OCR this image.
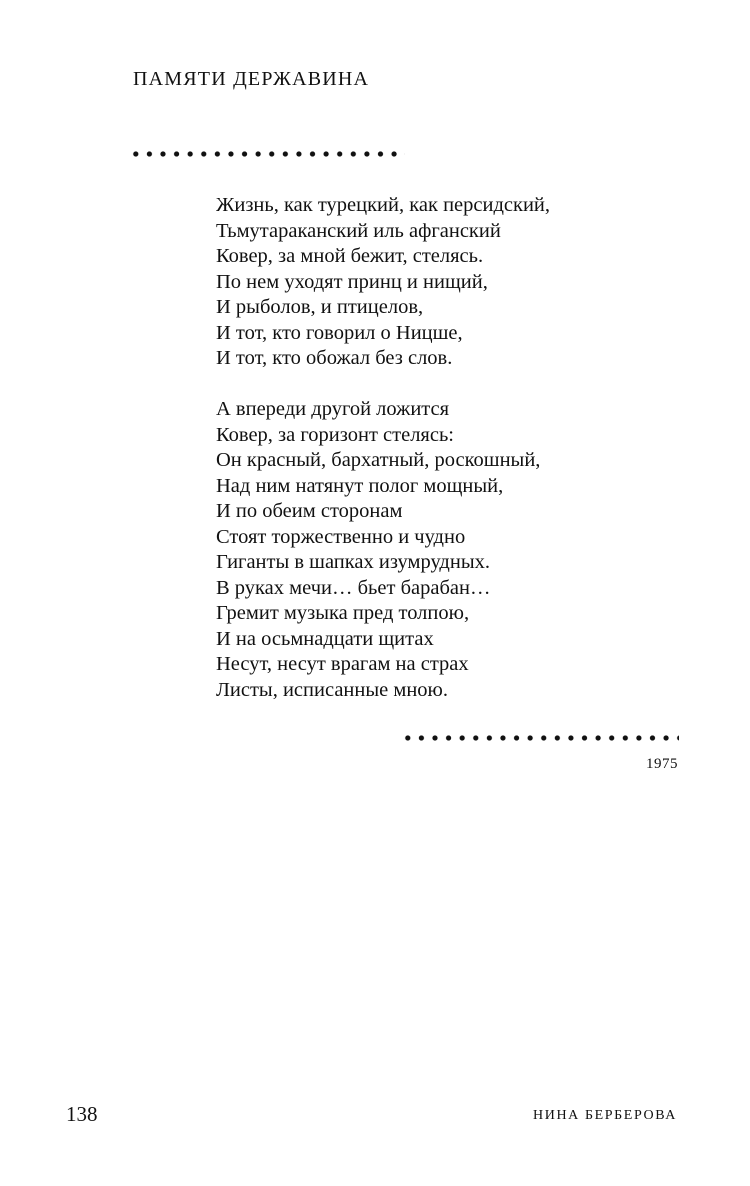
ПАМЯТИ ДЕРЖАВИНА

Жизнь, как турецкий, как персидский,
Тьмутараканский иль афганский
Ковер, за мной бежит, стелясь.
По нем уходят принц и нищий,
И рыболов, и птицелов,
И тот, кто говорил о Ницше,
И тот, кто обожал без слов.

А впереди другой ложится
Ковер, за горизонт стелясь:
Он красный, бархатный, роскошный,
Над ним натянут полог мощный,
И по обеим сторонам
Стоят торжественно и чудно
Гиганты в шапках изумрудных.
В руках мечи… бьет барабан…
Гремит музыка пред толпою,
И на осьмнадцати щитах
Несут, несут врагам на страх
Листы, исписанные мною.

1975
138	НИНА БЕРБЕРОВА
